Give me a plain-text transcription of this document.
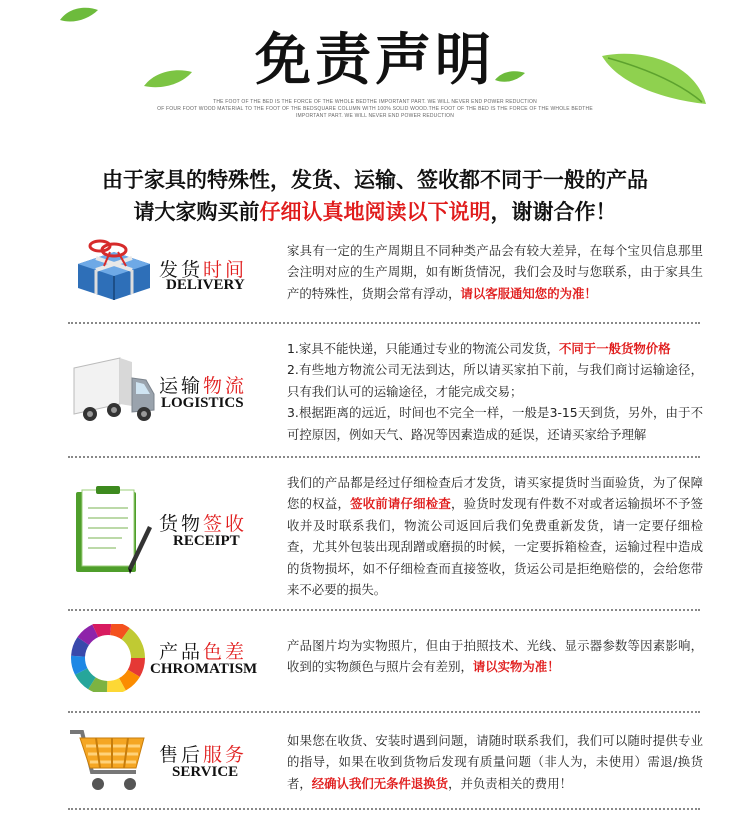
免责声明
THE FOOT OF THE BED IS THE FORCE OF THE WHOLE BEDTHE IMPORTANT PART. WE WILL NEVER END POWER REDUCTION
OF FOUR FOOT WOOD MATERIAL TO THE FOOT OF THE BEDSQUARE COLUMN WITH 100% SOLID WOOD.THE FOOT OF THE BED IS THE FORCE OF THE WHOLE BEDTHE
IMPORTANT PART. WE WILL NEVER END POWER REDUCTION
由于家具的特殊性，发货、运输、签收都不同于一般的产品
请大家购买前仔细认真地阅读以下说明，谢谢合作！
发货时间
DELIVERY
家具有一定的生产周期且不同种类产品会有较大差异，在每个宝贝信息那里会注明对应的生产周期，如有断货情况，我们会及时与您联系，由于家具生产的特殊性，货期会常有浮动，请以客服通知您的为准！
运输物流
LOGISTICS
1.家具不能快递，只能通过专业的物流公司发货，不同于一般货物价格
2.有些地方物流公司无法到达，所以请买家拍下前，与我们商讨运输途径，只有我们认可的运输途径，才能完成交易；
3.根据距离的远近，时间也不完全一样，一般是3-15天到货，另外，由于不可控原因，例如天气、路况等因素造成的延误，还请买家给予理解
货物签收
RECEIPT
我们的产品都是经过仔细检查后才发货，请买家提货时当面验货，为了保障您的权益，签收前请仔细检查，验货时发现有件数不对或者运输损坏不予签收并及时联系我们，物流公司返回后我们免费重新发货，请一定要仔细检查，尤其外包装出现刮蹭或磨损的时候，一定要拆箱检查，运输过程中造成的货物损坏，如不仔细检查而直接签收，货运公司是拒绝赔偿的，会给您带来不必要的损失。
产品色差
CHROMATISM
产品图片均为实物照片，但由于拍照技术、光线、显示器参数等因素影响，收到的实物颜色与照片会有差别，请以实物为准！
售后服务
SERVICE
如果您在收货、安装时遇到问题，请随时联系我们，我们可以随时提供专业的指导，如果在收到货物后发现有质量问题（非人为，未使用）需退/换货者，经确认我们无条件退换货，并负责相关的费用！
